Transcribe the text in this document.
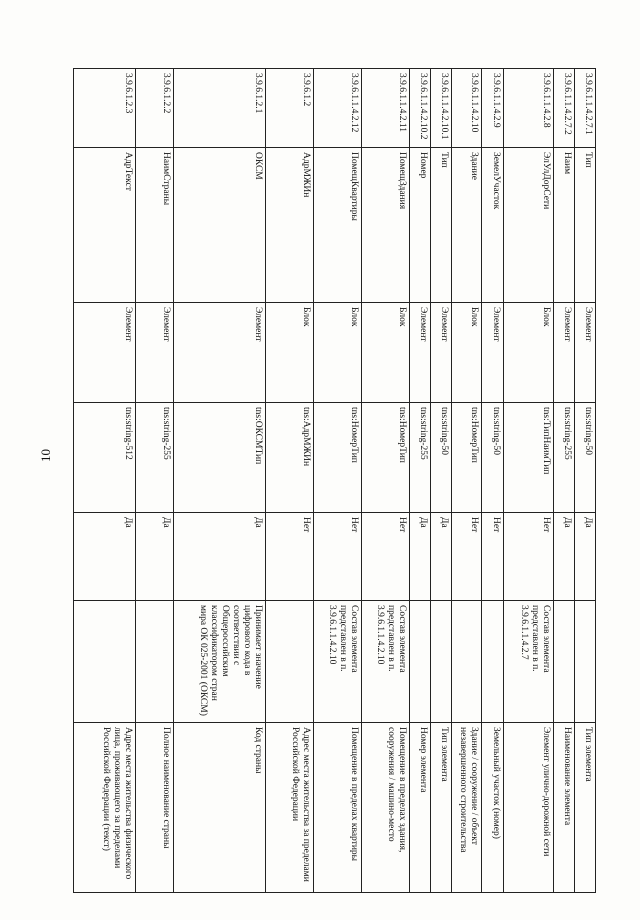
10
3.9.6.1.1.4.2.7.1	Тип	Элемент	tns:string-50	Да		Тип элемента
3.9.6.1.1.4.2.7.2	Наим	Элемент	tns:string-255	Да		Наименование элемента
3.9.6.1.1.4.2.8	ЭлУлДорСети	Блок	tns:ТипНаимТип	Нет	Состав элемента представлен в п. 3.9.6.1.1.4.2.7	Элемент улично-дорожной сети
3.9.6.1.1.4.2.9	ЗемелУчасток	Элемент	tns:string-50	Нет		Земельный участок (номер)
3.9.6.1.1.4.2.10	Здание	Блок	tns:НомерТип	Нет		Здание / сооружение / объект незавершенного строительства
3.9.6.1.1.4.2.10.1	Тип	Элемент	tns:string-50	Да		Тип элемента
3.9.6.1.1.4.2.10.2	Номер	Элемент	tns:string-255	Да		Номер элемента
3.9.6.1.1.4.2.11	ПомещЗдания	Блок	tns:НомерТип	Нет	Состав элемента представлен в п. 3.9.6.1.1.4.2.10	Помещение в пределах здания, сооружения / машино-место
3.9.6.1.1.4.2.12	ПомещКвартиры	Блок	tns:НомерТип	Нет	Состав элемента представлен в п. 3.9.6.1.1.4.2.10	Помещение в пределах квартиры
3.9.6.1.2	АдрМЖИн	Блок	tns:АдрМЖИн	Нет		Адрес места жительства за пределами Российской Федерации
3.9.6.1.2.1	ОКСМ	Элемент	tns:ОКСМТип	Да	Принимает значение цифрового кода в соответствии с Общероссийским классификатором стран мира ОК 025-2001 (ОКСМ)	Код страны
3.9.6.1.2.2	НаимСтраны	Элемент	tns:string-255	Да		Полное наименование страны
3.9.6.1.2.3	АдрТекст	Элемент	tns:string-512	Да		Адрес места жительства физического лица, проживающего за пределами Российской Федерации (текст)
